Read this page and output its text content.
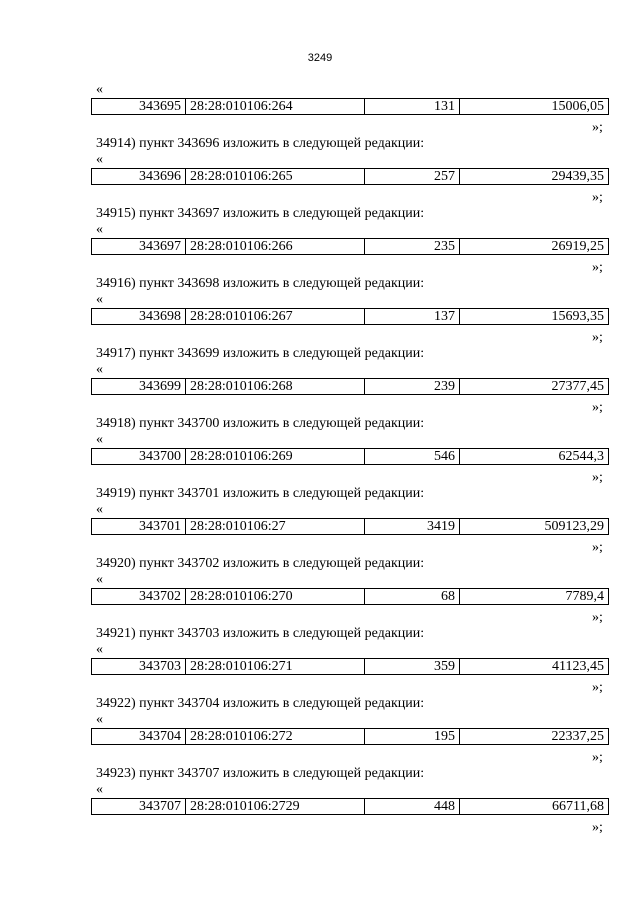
3249
«
343695	28:28:010106:264	131	15006,05
»;
34914) пункт 343696 изложить в следующей редакции:
«
343696	28:28:010106:265	257	29439,35
»;
34915) пункт 343697 изложить в следующей редакции:
«
343697	28:28:010106:266	235	26919,25
»;
34916) пункт 343698 изложить в следующей редакции:
«
343698	28:28:010106:267	137	15693,35
»;
34917) пункт 343699 изложить в следующей редакции:
«
343699	28:28:010106:268	239	27377,45
»;
34918) пункт 343700 изложить в следующей редакции:
«
343700	28:28:010106:269	546	62544,3
»;
34919) пункт 343701 изложить в следующей редакции:
«
343701	28:28:010106:27	3419	509123,29
»;
34920) пункт 343702 изложить в следующей редакции:
«
343702	28:28:010106:270	68	7789,4
»;
34921) пункт 343703 изложить в следующей редакции:
«
343703	28:28:010106:271	359	41123,45
»;
34922) пункт 343704 изложить в следующей редакции:
«
343704	28:28:010106:272	195	22337,25
»;
34923) пункт 343707 изложить в следующей редакции:
«
343707	28:28:010106:2729	448	66711,68
»;
